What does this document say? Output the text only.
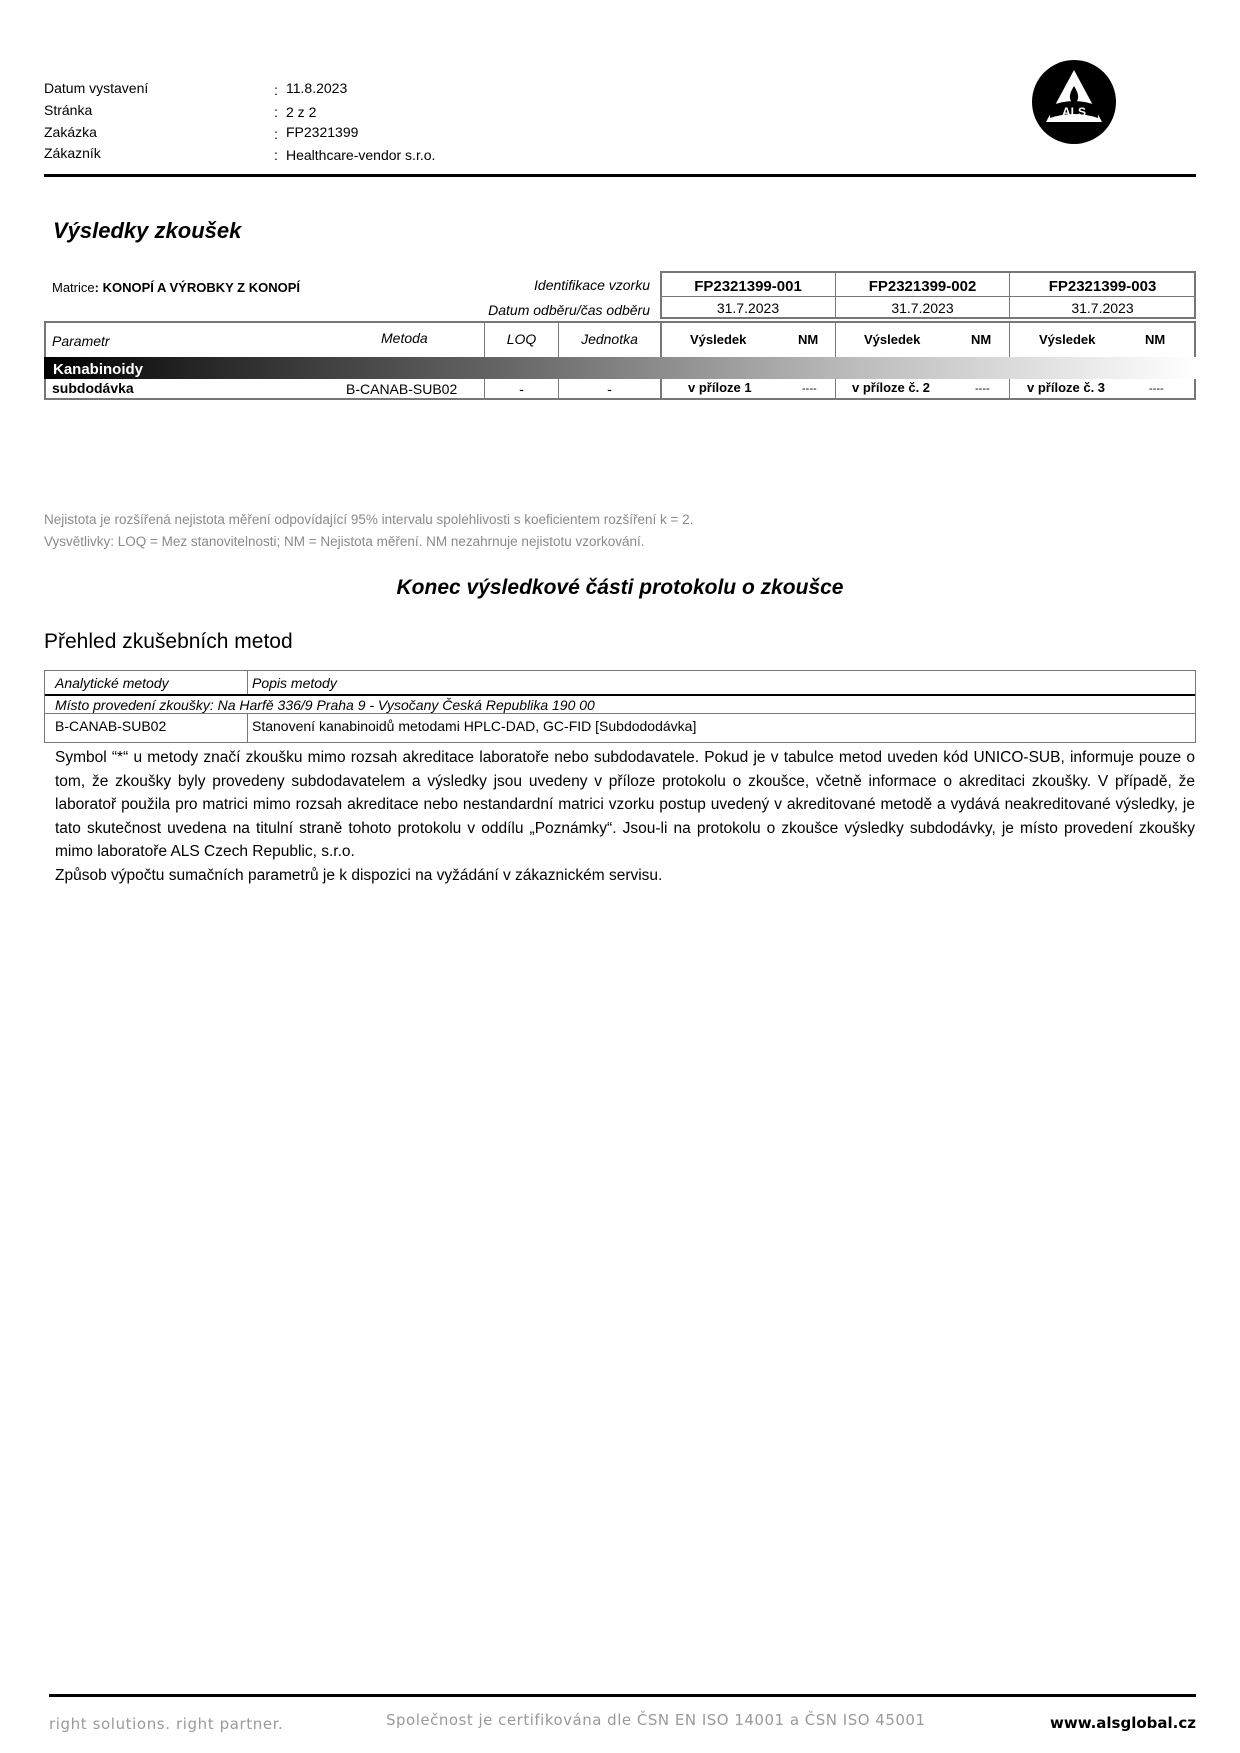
Datum vystavení	: 11.8.2023
Stránka	: 2 z 2
Zakázka	: FP2321399
Zákazník	: Healthcare-vendor s.r.o.
ALS
Výsledky zkoušek
Matrice: KONOPÍ A VÝROBKY Z KONOPÍ	Identifikace vzorku
Datum odběru/čas odběru
FP2321399-001	FP2321399-002	FP2321399-003
31.7.2023	31.7.2023	31.7.2023
Parametr	Metoda	LOQ	Jednotka	Výsledek	NM	Výsledek	NM	Výsledek	NM
Kanabinoidy
subdodávka	B-CANAB-SUB02	-	-	v příloze 1	----	v příloze č. 2	----	v příloze č. 3	----
Nejistota je rozšířená nejistota měření odpovídající 95% intervalu spolehlivosti s koeficientem rozšíření k = 2.
Vysvětlivky: LOQ = Mez stanovitelnosti; NM = Nejistota měření. NM nezahrnuje nejistotu vzorkování.
Konec výsledkové části protokolu o zkoušce
Přehled zkušebních metod
Analytické metody	Popis metody
Místo provedení zkoušky: Na Harfě 336/9 Praha 9 - Vysočany Česká Republika 190 00
B-CANAB-SUB02	Stanovení kanabinoidů metodami HPLC-DAD, GC-FID [Subdododávka]
Symbol “*“ u metody značí zkoušku mimo rozsah akreditace laboratoře nebo subdodavatele. Pokud je v tabulce metod uveden kód UNICO-SUB, informuje pouze o tom, že zkoušky byly provedeny subdodavatelem a výsledky jsou uvedeny v příloze protokolu o zkoušce, včetně informace o akreditaci zkoušky. V případě, že laboratoř použila pro matrici mimo rozsah akreditace nebo nestandardní matrici vzorku postup uvedený v akreditované metodě a vydává neakreditované výsledky, je tato skutečnost uvedena na titulní straně tohoto protokolu v oddílu „Poznámky“. Jsou-li na protokolu o zkoušce výsledky subdodávky, je místo provedení zkoušky mimo laboratoře ALS Czech Republic, s.r.o.
Způsob výpočtu sumačních parametrů je k dispozici na vyžádání v zákaznickém servisu.
right solutions. right partner.	Společnost je certifikována dle ČSN EN ISO 14001 a ČSN ISO 45001	www.alsglobal.cz
